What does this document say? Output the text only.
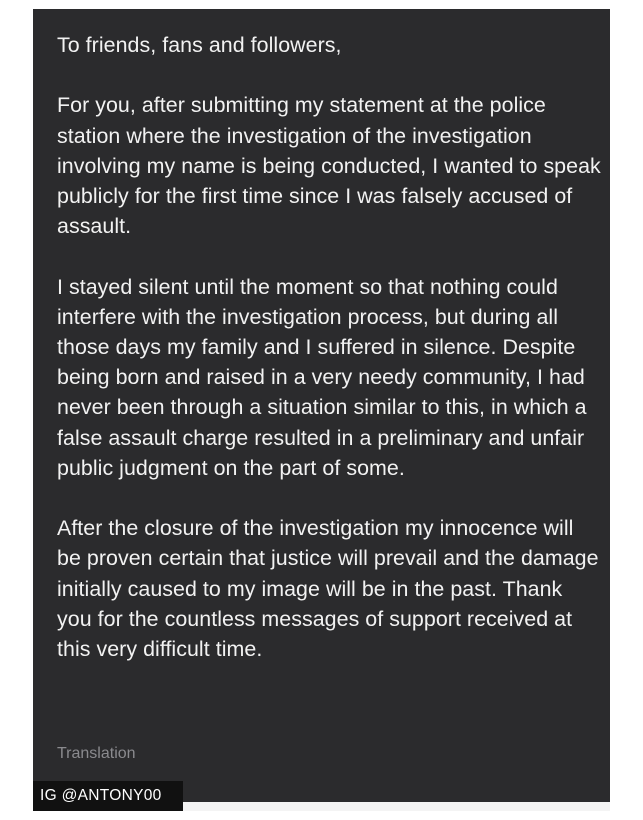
To friends, fans and followers,

For you, after submitting my statement at the police station where the investigation of the investigation involving my name is being conducted, I wanted to speak publicly for the first time since I was falsely accused of assault.

I stayed silent until the moment so that nothing could interfere with the investigation process, but during all those days my family and I suffered in silence. Despite being born and raised in a very needy community, I had never been through a situation similar to this, in which a false assault charge resulted in a preliminary and unfair public judgment on the part of some.

After the closure of the investigation my innocence will be proven certain that justice will prevail and the damage initially caused to my image will be in the past. Thank you for the countless messages of support received at this very difficult time.

Translation
IG @ANTONY00
